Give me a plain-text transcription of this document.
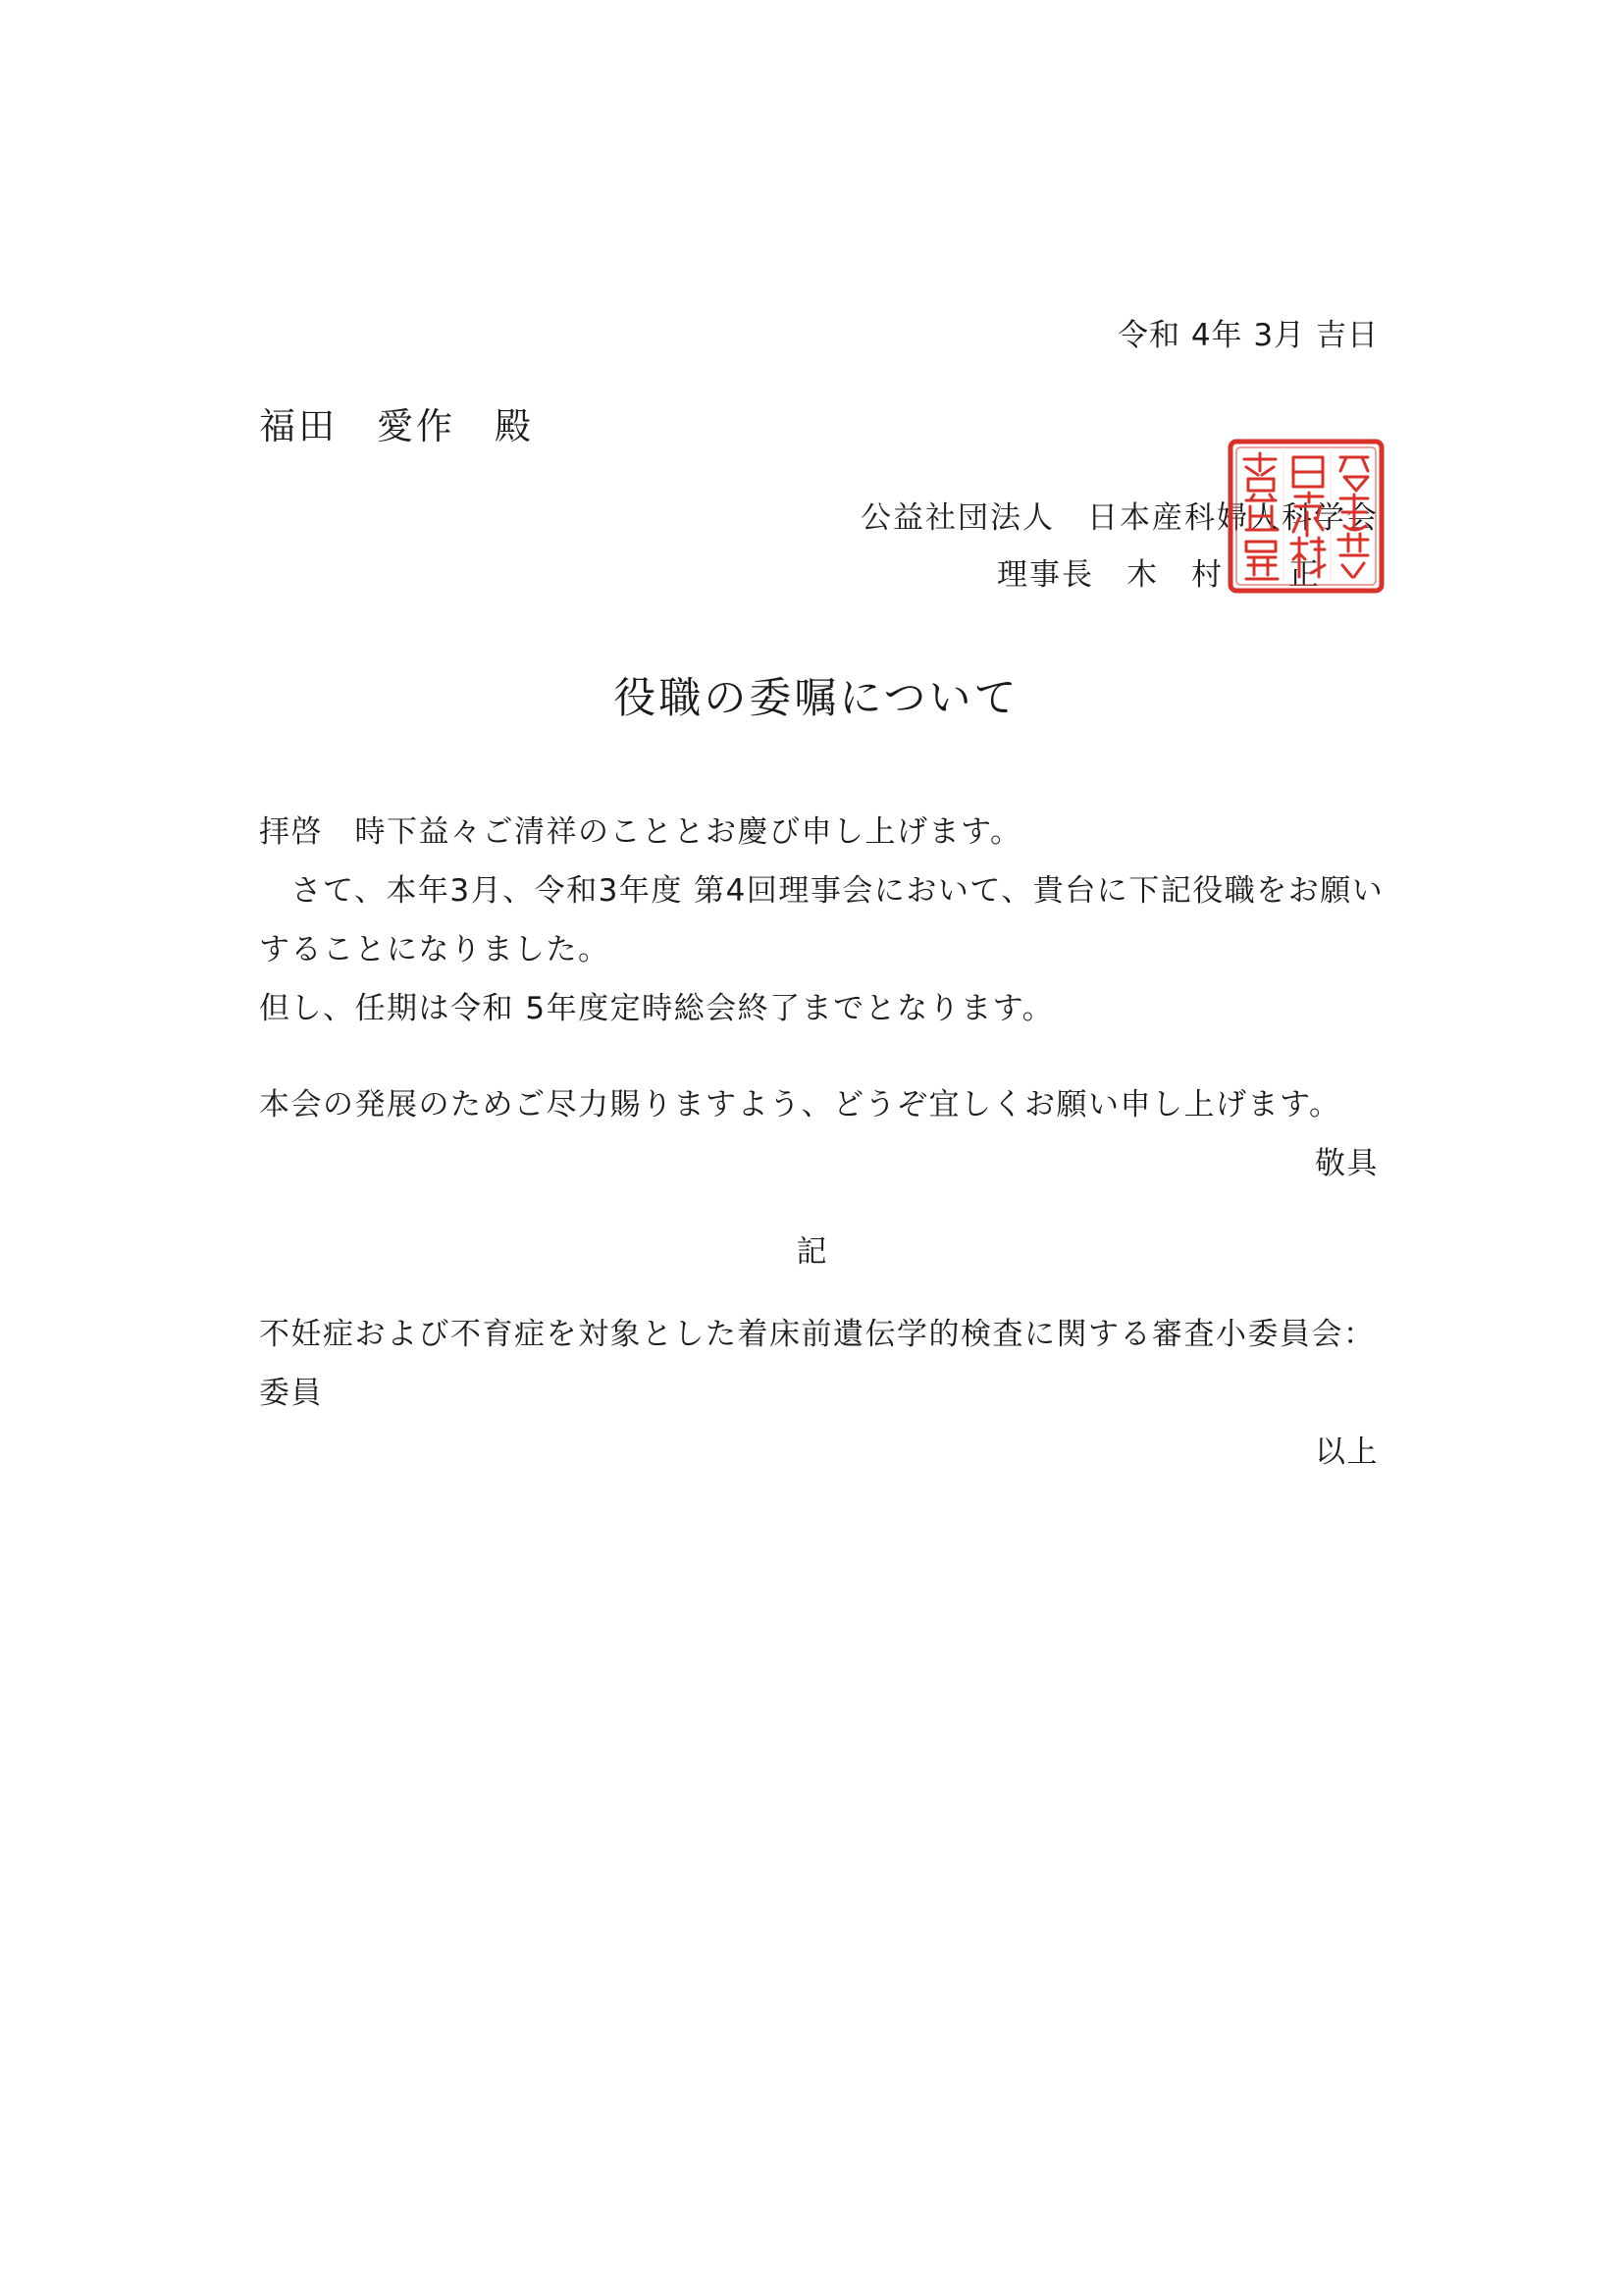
令和 4年 3月 吉日
福田　愛作　殿
公益社団法人　日本産科婦人科学会
理事長　木　村　　正
役職の委嘱について
拝啓　時下益々ご清祥のこととお慶び申し上げます。
　さて、本年3月、令和3年度 第4回理事会において、貴台に下記役職をお願い
することになりました。
但し、任期は令和 5年度定時総会終了までとなります。
本会の発展のためご尽力賜りますよう、どうぞ宜しくお願い申し上げます。
敬具
記
不妊症および不育症を対象とした着床前遺伝学的検査に関する審査小委員会：
委員
以上
